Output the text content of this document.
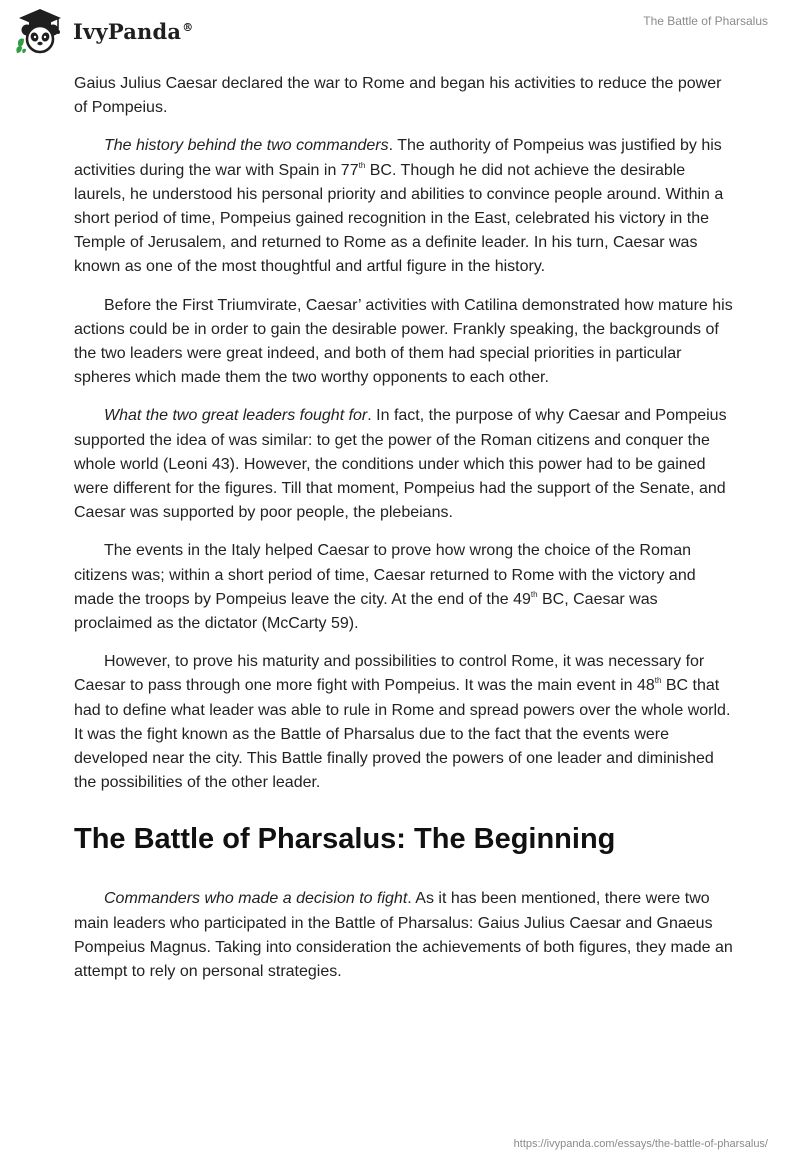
IvyPanda®	The Battle of Pharsalus

Gaius Julius Caesar declared the war to Rome and began his activities to reduce the power of Pompeius.

The history behind the two commanders. The authority of Pompeius was justified by his activities during the war with Spain in 77th BC. Though he did not achieve the desirable laurels, he understood his personal priority and abilities to convince people around. Within a short period of time, Pompeius gained recognition in the East, celebrated his victory in the Temple of Jerusalem, and returned to Rome as a definite leader. In his turn, Caesar was known as one of the most thoughtful and artful figure in the history.

Before the First Triumvirate, Caesar’ activities with Catilina demonstrated how mature his actions could be in order to gain the desirable power. Frankly speaking, the backgrounds of the two leaders were great indeed, and both of them had special priorities in particular spheres which made them the two worthy opponents to each other.

What the two great leaders fought for. In fact, the purpose of why Caesar and Pompeius supported the idea of was similar: to get the power of the Roman citizens and conquer the whole world (Leoni 43). However, the conditions under which this power had to be gained were different for the figures. Till that moment, Pompeius had the support of the Senate, and Caesar was supported by poor people, the plebeians.

The events in the Italy helped Caesar to prove how wrong the choice of the Roman citizens was; within a short period of time, Caesar returned to Rome with the victory and made the troops by Pompeius leave the city. At the end of the 49th BC, Caesar was proclaimed as the dictator (McCarty 59).

However, to prove his maturity and possibilities to control Rome, it was necessary for Caesar to pass through one more fight with Pompeius. It was the main event in 48th BC that had to define what leader was able to rule in Rome and spread powers over the whole world. It was the fight known as the Battle of Pharsalus due to the fact that the events were developed near the city. This Battle finally proved the powers of one leader and diminished the possibilities of the other leader.

The Battle of Pharsalus: The Beginning

Commanders who made a decision to fight. As it has been mentioned, there were two main leaders who participated in the Battle of Pharsalus: Gaius Julius Caesar and Gnaeus Pompeius Magnus. Taking into consideration the achievements of both figures, they made an attempt to rely on personal strategies.

https://ivypanda.com/essays/the-battle-of-pharsalus/
